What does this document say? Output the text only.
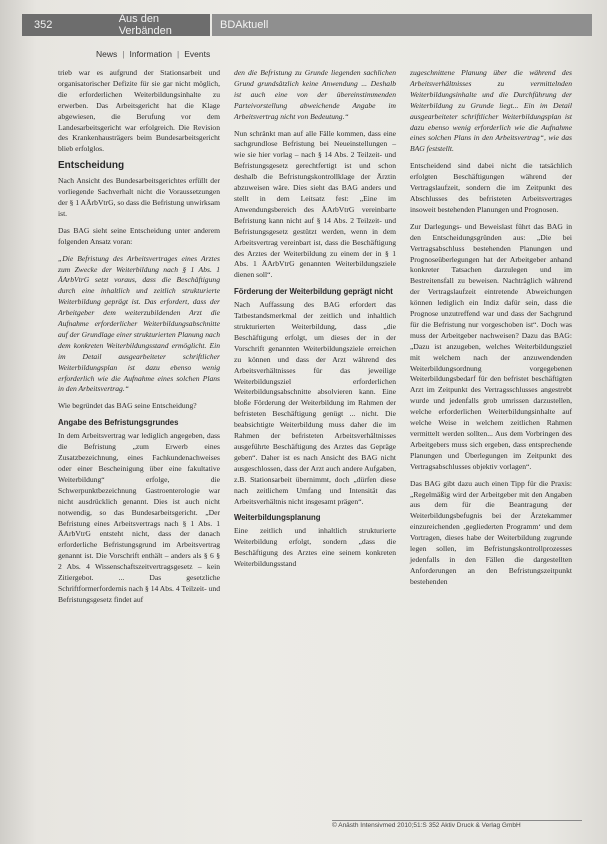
352	Aus den Verbänden	BDAktuell
News | Information | Events

trieb war es aufgrund der Stationsarbeit und organisatorischer Defizite für sie gar nicht möglich, die erforderlichen Weiterbildungsinhalte zu erwerben. Das Arbeitsgericht hat die Klage abgewiesen, die Berufung vor dem Landesarbeitsgericht war erfolgreich. Die Revision des Krankenhausträgers beim Bundesarbeitsgericht blieb erfolglos.

Entscheidung

Nach Ansicht des Bundesarbeitsgerichtes erfüllt der vorliegende Sachverhalt nicht die Voraussetzungen der § 1 AÄrbVtrG, so dass die Befristung unwirksam ist.

Das BAG sieht seine Entscheidung unter anderem folgenden Ansatz voran:

„Die Befristung des Arbeitsvertrages eines Arztes zum Zwecke der Weiterbildung nach § 1 Abs. 1 ÄArbVtrG setzt voraus, dass die Beschäftigung durch eine inhaltlich und zeitlich strukturierte Weiterbildung geprägt ist. Das erfordert, dass der Arbeitgeber dem weiterzubildenden Arzt die Aufnahme erforderlicher Weiterbildungsabschnitte auf der Grundlage einer strukturierten Planung nach dem konkreten Weiterbildungsstand ermöglicht. Ein im Detail ausgearbeiteter schriftlicher Weiterbildungsplan ist dazu ebenso wenig erforderlich wie die Aufnahme eines solchen Plans in den Arbeitsvertrag.“

Wie begründet das BAG seine Entscheidung?

Angabe des Befristungsgrundes

In dem Arbeitsvertrag war lediglich angegeben, dass die Befristung „zum Erwerb eines Zusatzbezeichnung, eines Fachkundenachweises oder einer Bescheinigung über eine fakultative Weiterbildung“ erfolge, die Schwerpunktbezeichnung Gastroenterologie war nicht ausdrücklich genannt. Dies ist auch nicht notwendig, so das Bundesarbeitsgericht. „Der Befristung eines Arbeitsvertrags nach § 1 Abs. 1 ÄArbVtrG entsteht nicht, dass der danach erforderliche Befristungsgrund im Arbeitsvertrag genannt ist. Die Vorschrift enthält – anders als § 6 § 2 Abs. 4 Wissenschaftszeitvertragsgesetz – kein Zitiergebot. ... Das gesetzliche Schriftformerfordernis nach § 14 Abs. 4 Teilzeit- und Befristungsgesetz findet auf

den die Befristung zu Grunde liegenden sachlichen Grund grundsätzlich keine Anwendung ... Deshalb ist auch eine von der übereinstimmenden Parteivorstellung abweichende Angabe im Arbeitsvertrag nicht von Bedeutung.“

Nun schränkt man auf alle Fälle kommen, dass eine sachgrundlose Befristung bei Neueinstellungen – wie sie hier vorlag – nach § 14 Abs. 2 Teilzeit- und Befristungsgesetz gerechtfertigt ist und schon deshalb die Befristungskontrollklage der Ärztin abzuweisen wäre. Dies sieht das BAG anders und stellt in dem Leitsatz fest: „Eine im Anwendungsbereich des ÄArbVtrG vereinbarte Befristung kann nicht auf § 14 Abs. 2 Teilzeit- und Befristungsgesetz gestützt werden, wenn in dem Arbeitsvertrag vereinbart ist, dass die Beschäftigung des Arztes der Weiterbildung zu einem der in § 1 Abs. 1 ÄArbVtrG genannten Weiterbildungsziele dienen soll“.

Förderung der Weiterbildung geprägt nicht

Nach Auffassung des BAG erfordert das Tatbestandsmerkmal der zeitlich und inhaltlich strukturierten Weiterbildung, dass „die Beschäftigung erfolgt, um dieses der in der Vorschrift genannten Weiterbildungsziele erreichen zu können und dass der Arzt während des Arbeitsverhältnisses für das jeweilige Weiterbildungsziel erforderlichen Weiterbildungsabschnitte absolvieren kann. Eine bloße Förderung der Weiterbildung im Rahmen der befristeten Beschäftigung genügt ... nicht. Die beabsichtigte Weiterbildung muss daher die im Rahmen der befristeten Arbeitsverhältnisses ausgeführte Beschäftigung des Arztes das Gepräge geben“. Daher ist es nach Ansicht des BAG nicht ausgeschlossen, dass der Arzt auch andere Aufgaben, z.B. Stationsarbeit übernimmt, doch „dürfen diese nach zeitlichem Umfang und Intensität das Arbeitsverhältnis nicht insgesamt prägen“.

Weiterbildungsplanung

Eine zeitlich und inhaltlich strukturierte Weiterbildung erfolgt, sondern „dass die Beschäftigung des Arztes eine seinem konkreten Weiterbildungsstand

zugeschnittene Planung über die während des Arbeitsverhältnisses zu vermittelnden Weiterbildungsinhalte und die Durchführung der Weiterbildung zu Grunde liegt... Ein im Detail ausgearbeiteter schriftlicher Weiterbildungsplan ist dazu ebenso wenig erforderlich wie die Aufnahme eines solchen Plans in den Arbeitsvertrag“, wie das BAG feststellt.

Entscheidend sind dabei nicht die tatsächlich erfolgten Beschäftigungen während der Vertragslaufzeit, sondern die im Zeitpunkt des Abschlusses des befristeten Arbeitsvertrages insoweit bestehenden Planungen und Prognosen.

Zur Darlegungs- und Beweislast führt das BAG in den Entscheidungsgründen aus: „Die bei Vertragsabschluss bestehenden Planungen und Prognoseüberlegungen hat der Arbeitgeber anhand konkreter Tatsachen darzulegen und im Bestreitensfall zu beweisen. Nachträglich während der Vertragslaufzeit eintretende Abweichungen können lediglich ein Indiz dafür sein, dass die Prognose unzutreffend war und dass der Sachgrund für die Befristung nur vorgeschoben ist“. Doch was muss der Arbeitgeber nachweisen? Dazu das BAG: „Dazu ist anzugeben, welches Weiterbildungsziel mit welchem nach der anzuwendenden Weiterbildungsordnung vorgegebenen Weiterbildungsbedarf für den befristet beschäftigten Arzt im Zeitpunkt des Vertragsschlusses angestrebt wurde und jedenfalls grob umrissen darzustellen, welche erforderlichen Weiterbildungsinhalte auf welche Weise in welchem zeitlichen Rahmen vermittelt werden sollten... Aus dem Vorbringen des Arbeitgebers muss sich ergeben, dass entsprechende Planungen und Überlegungen im Zeitpunkt des Vertragsabschlusses objektiv vorlagen“.

Das BAG gibt dazu auch einen Tipp für die Praxis: „Regelmäßig wird der Arbeitgeber mit den Angaben aus dem für die Beantragung der Weiterbildungsbefugnis bei der Ärztekammer einzureichenden ‚gegliederten Programm‘ und dem Vortragen, dieses habe der Weiterbildung zugrunde legen sollen, im Befristungskontrollprozesses jedenfalls in den Fällen die dargestellten Anforderungen an den Befristungszeitpunkt bestehenden

© Anästh Intensivmed 2010;51:S 352 Aktiv Druck & Verlag GmbH
